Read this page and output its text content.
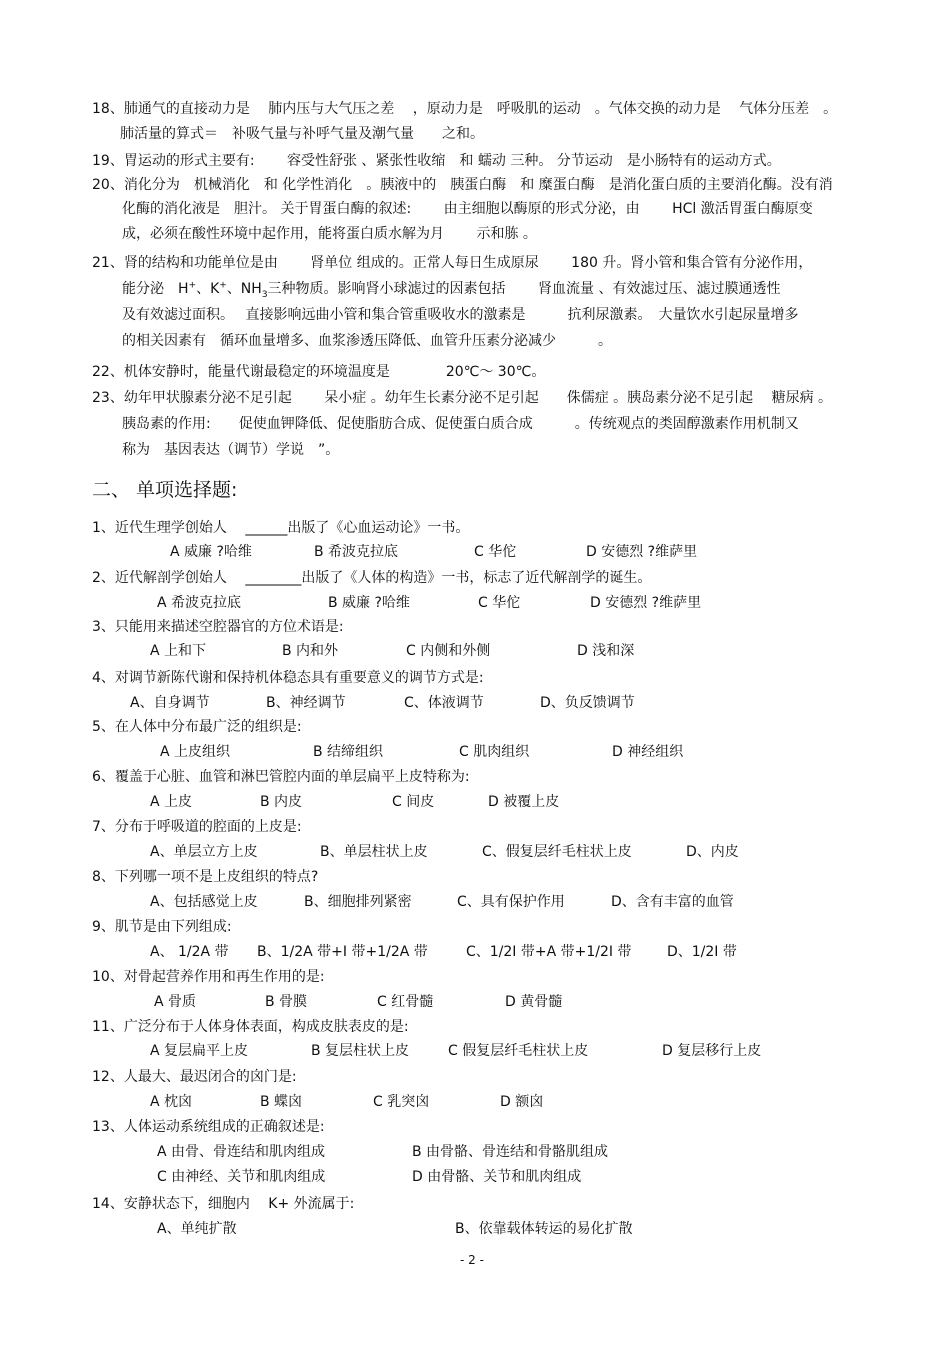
18、肺通气的直接动力是　 肺内压与大气压之差 　，原动力是　呼吸肌的运动　。气体交换的动力是　 气体分压差　。
肺活量的算式＝　补吸气量与补呼气量及潮气量　　之和。
19、胃运动的形式主要有:　　 容受性舒张 、紧张性收缩　和 蠕动 三种。 分节运动　是小肠特有的运动方式。
20、消化分为　机械消化　和 化学性消化　。胰液中的　胰蛋白酶　和 糜蛋白酶　是消化蛋白质的主要消化酶。没有消
化酶的消化液是　胆汁。 关于胃蛋白酶的叙述:　　 由主细胞以酶原的形式分泌，由　　 HCl 激活胃蛋白酶原变
成，必须在酸性环境中起作用，能将蛋白质水解为月　　 示和胨 。
21、肾的结构和功能单位是由　　 肾单位 组成的。正常人每日生成原尿　　 180 升。肾小管和集合管有分泌作用，
能分泌　H+、K+、$NH_3$三种物质。影响肾小球滤过的因素包括　　 肾血流量 、有效滤过压、滤过膜通透性
及有效滤过面积。　 直接影响远曲小管和集合管重吸收水的激素是　　　抗利尿激素。　大量饮水引起尿量增多
的相关因素有　循环血量增多、血浆渗透压降低、血管升压素分泌减少　　　。
22、机体安静时，能量代谢最稳定的环境温度是　　　　20℃～ 30℃。
23、幼年甲状腺素分泌不足引起　　 呆小症 。幼年生长素分泌不足引起　　侏儒症 。胰岛素分泌不足引起　 糖尿病 。
胰岛素的作用:　　促使血钾降低、促使脂肪合成、促使蛋白质合成　　　。传统观点的类固醇激素作用机制又
称为　基因表达（调节）学说　”。
二、 单项选择题:
1、近代生理学创始人　 ______出版了《心血运动论》一书。
A 威廉 ?哈维	B 希波克拉底	C 华佗	D 安德烈 ?维萨里
2、近代解剖学创始人　 ________出版了《人体的构造》一书，标志了近代解剖学的诞生。
A 希波克拉底	B 威廉 ?哈维	C 华佗	D 安德烈 ?维萨里
3、只能用来描述空腔器官的方位术语是:
A 上和下	B 内和外	C 内侧和外侧	D 浅和深
4、对调节新陈代谢和保持机体稳态具有重要意义的调节方式是:
A、自身调节	B、神经调节	C、体液调节	D、负反馈调节
5、在人体中分布最广泛的组织是:
A 上皮组织	B 结缔组织	C 肌肉组织	D 神经组织
6、覆盖于心脏、血管和淋巴管腔内面的单层扁平上皮特称为:
A 上皮	B 内皮	C 间皮	D 被覆上皮
7、分布于呼吸道的腔面的上皮是:
A、单层立方上皮	B、单层柱状上皮	C、假复层纤毛柱状上皮	D、内皮
8、下列哪一项不是上皮组织的特点?
A、包括感觉上皮	B、细胞排列紧密	C、具有保护作用	D、含有丰富的血管
9、肌节是由下列组成:
A、 1/2A 带 B、1/2A 带+I 带+1/2A 带	C、1/2I 带+A 带+1/2I 带	D、1/2I 带
10、对骨起营养作用和再生作用的是:
A 骨质	B 骨膜	C 红骨髓	D 黄骨髓
11、广泛分布于人体身体表面，构成皮肤表皮的是:
A 复层扁平上皮	B 复层柱状上皮	C 假复层纤毛柱状上皮	D 复层移行上皮
12、人最大、最迟闭合的囟门是:
A 枕囟	B 蝶囟	C 乳突囟	D 额囟
13、人体运动系统组成的正确叙述是:
A 由骨、骨连结和肌肉组成	B 由骨骼、骨连结和骨骼肌组成
C 由神经、关节和肌肉组成	D 由骨骼、关节和肌肉组成
14、安静状态下，细胞内　 K+ 外流属于:
A、单纯扩散	B、依靠载体转运的易化扩散
- 2 -
